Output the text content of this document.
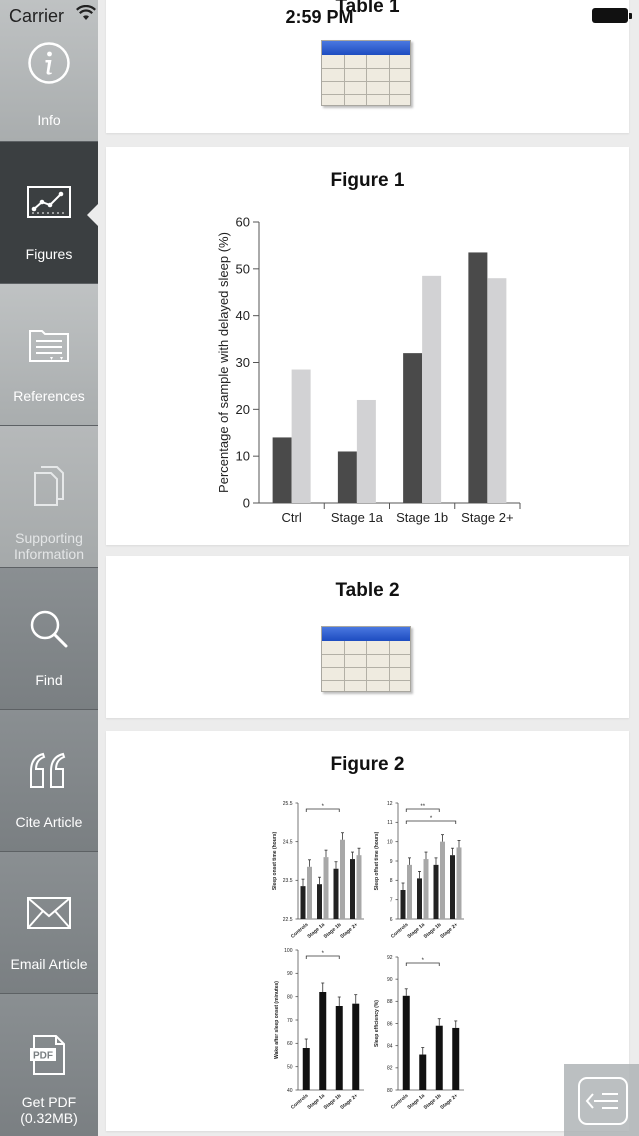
Carrier	2:59 PM
Info
Figures
References
Supporting Information
Find
Cite Article
Email Article
PDF
Get PDF (0.32MB)
Table 1
Figure 1
0
10
20
30
40
50
60
Percentage of sample with delayed sleep (%)
Ctrl Stage 1a Stage 1b Stage 2+
Table 2
Figure 2
22.5
23.5
24.5
25.5
Sleep onset time (hours)
Controls
Stage 1a
Stage 1b
Stage 2+
*
6
7
8
9
10
11
12
Sleep offset time (hours)
Controls
Stage 1a
Stage 1b
Stage 2+
**
*
40
50
60
70
80
90
100
Wake after sleep onset (minutes)
Controls
Stage 1a
Stage 1b
Stage 2+
*
80
82
84
86
88
90
92
Sleep efficiency (%)
Controls
Stage 1a
Stage 1b
Stage 2+
*
